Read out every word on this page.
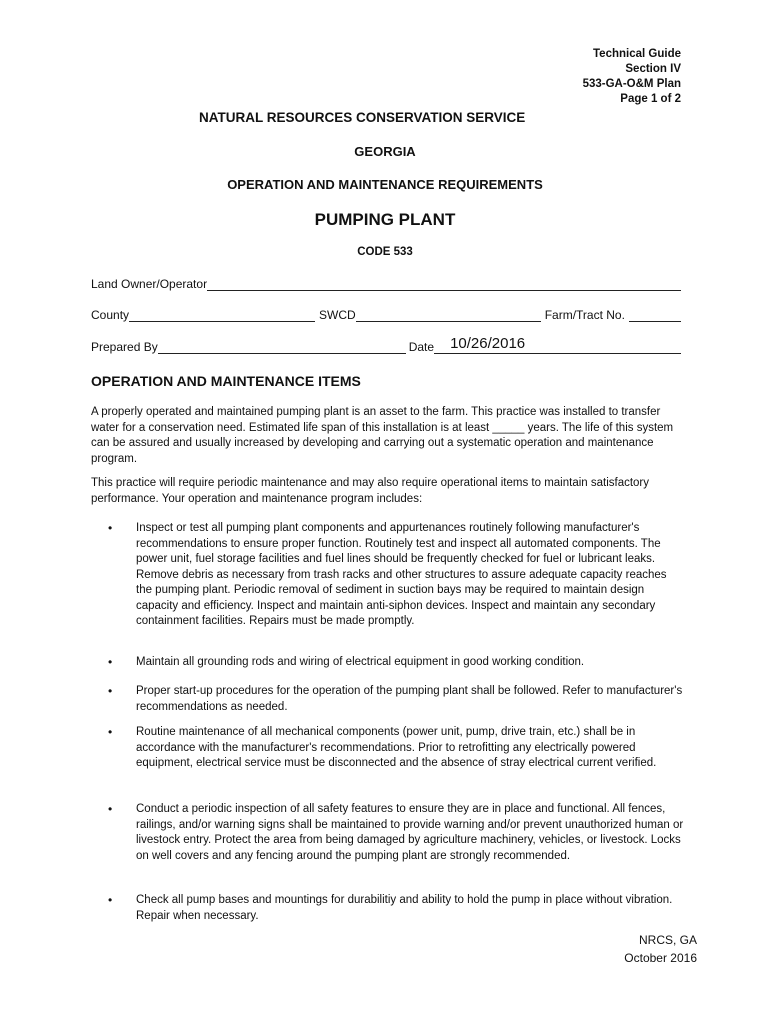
Technical Guide
Section IV
533-GA-O&M Plan
Page 1 of 2
NATURAL RESOURCES CONSERVATION SERVICE
GEORGIA
OPERATION AND MAINTENANCE REQUIREMENTS
PUMPING PLANT
CODE 533
Land Owner/Operator
County	SWCD	Farm/Tract No.
Prepared By	Date 10/26/2016
OPERATION AND MAINTENANCE ITEMS
A properly operated and maintained pumping plant is an asset to the farm. This practice was installed to transfer water for a conservation need. Estimated life span of this installation is at least _____ years. The life of this system can be assured and usually increased by developing and carrying out a systematic operation and maintenance program.
This practice will require periodic maintenance and may also require operational items to maintain satisfactory performance. Your operation and maintenance program includes:
•	Inspect or test all pumping plant components and appurtenances routinely following manufacturer's recommendations to ensure proper function. Routinely test and inspect all automated components. The power unit, fuel storage facilities and fuel lines should be frequently checked for fuel or lubricant leaks. Remove debris as necessary from trash racks and other structures to assure adequate capacity reaches the pumping plant. Periodic removal of sediment in suction bays may be required to maintain design capacity and efficiency. Inspect and maintain anti-siphon devices. Inspect and maintain any secondary containment facilities. Repairs must be made promptly.
•	Maintain all grounding rods and wiring of electrical equipment in good working condition.
•	Proper start-up procedures for the operation of the pumping plant shall be followed. Refer to manufacturer's recommendations as needed.
•	Routine maintenance of all mechanical components (power unit, pump, drive train, etc.) shall be in accordance with the manufacturer's recommendations. Prior to retrofitting any electrically powered equipment, electrical service must be disconnected and the absence of stray electrical current verified.
•	Conduct a periodic inspection of all safety features to ensure they are in place and functional. All fences, railings, and/or warning signs shall be maintained to provide warning and/or prevent unauthorized human or livestock entry. Protect the area from being damaged by agriculture machinery, vehicles, or livestock. Locks on well covers and any fencing around the pumping plant are strongly recommended.
•	Check all pump bases and mountings for durabilitiy and ability to hold the pump in place without vibration. Repair when necessary.
NRCS, GA
October 2016
